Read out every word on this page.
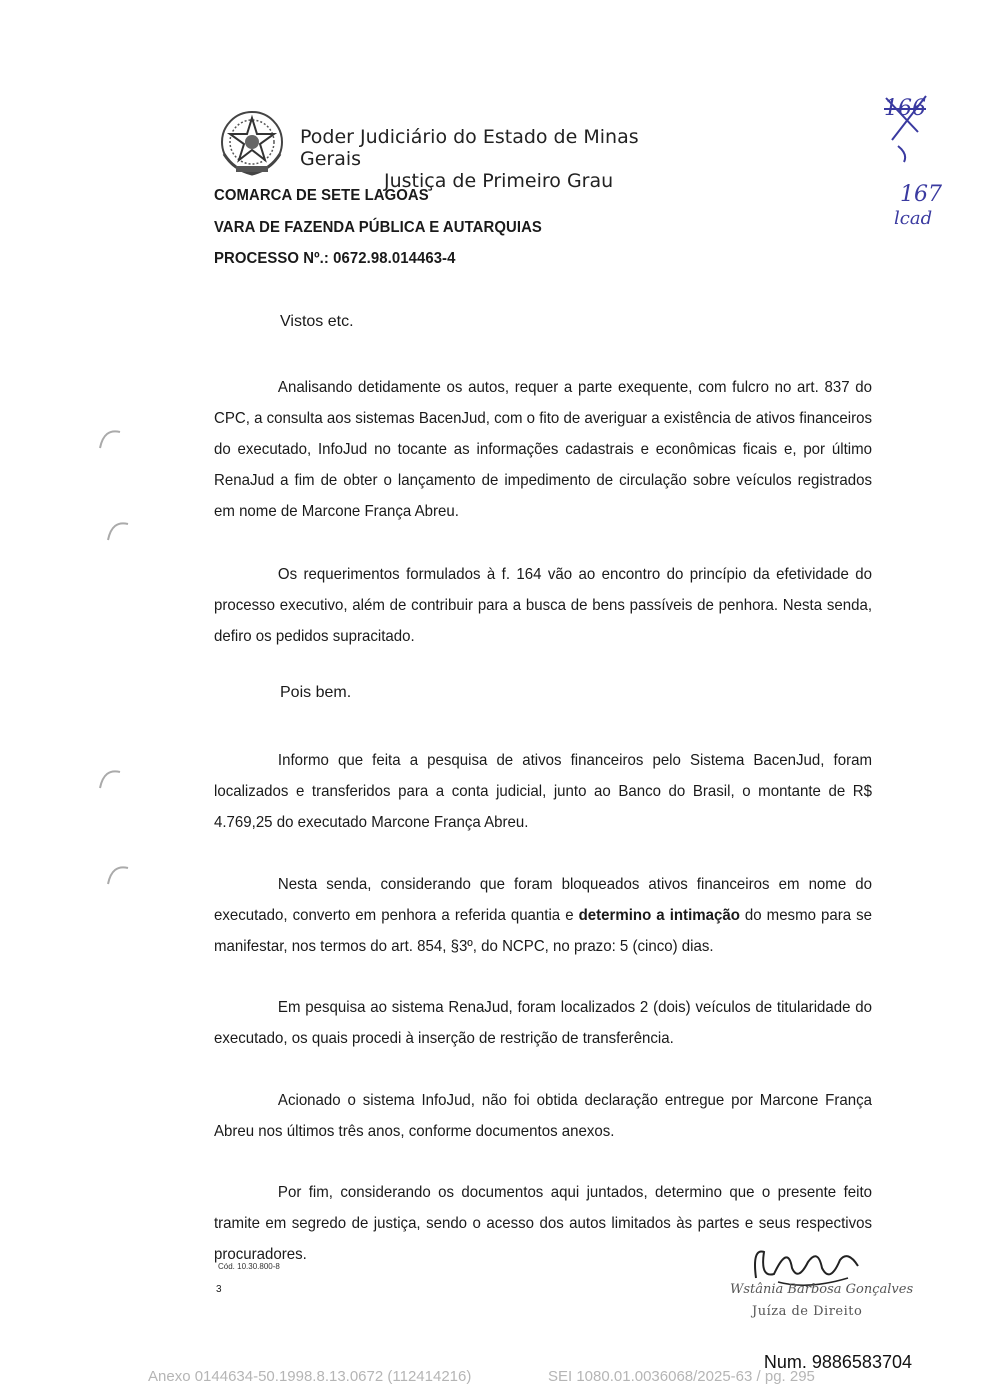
Poder Judiciário do Estado de Minas Gerais
Justiça de Primeiro Grau
COMARCA DE SETE LAGOAS
VARA DE FAZENDA PÚBLICA E AUTARQUIAS
PROCESSO Nº.: 0672.98.014463-4
166
167
lcad
Vistos etc.
Analisando detidamente os autos, requer a parte exequente, com fulcro no art. 837 do CPC, a consulta aos sistemas BacenJud, com o fito de averiguar a existência de ativos financeiros do executado, InfoJud no tocante as informações cadastrais e econômicas ficais e, por último RenaJud a fim de obter o lançamento de impedimento de circulação sobre veículos registrados em nome de Marcone França Abreu.
Os requerimentos formulados à f. 164 vão ao encontro do princípio da efetividade do processo executivo, além de contribuir para a busca de bens passíveis de penhora. Nesta senda, defiro os pedidos supracitado.
Pois bem.
Informo que feita a pesquisa de ativos financeiros pelo Sistema BacenJud, foram localizados e transferidos para a conta judicial, junto ao Banco do Brasil, o montante de R$ 4.769,25 do executado Marcone França Abreu.
Nesta senda, considerando que foram bloqueados ativos financeiros em nome do executado, converto em penhora a referida quantia e determino a intimação do mesmo para se manifestar, nos termos do art. 854, §3º, do NCPC, no prazo: 5 (cinco) dias.
Em pesquisa ao sistema RenaJud, foram localizados 2 (dois) veículos de titularidade do executado, os quais procedi à inserção de restrição de transferência.
Acionado o sistema InfoJud, não foi obtida declaração entregue por Marcone França Abreu nos últimos três anos, conforme documentos anexos.
Por fim, considerando os documentos aqui juntados, determino que o presente feito tramite em segredo de justiça, sendo o acesso dos autos limitados às partes e seus respectivos procuradores.
Cód. 10.30.800-8
3	Wstânia Barbosa Gonçalves
Juíza de Direito
Num. 9886583704
Anexo 0144634-50.1998.8.13.0672 (112414216)	SEI 1080.01.0036068/2025-63 / pg. 295
